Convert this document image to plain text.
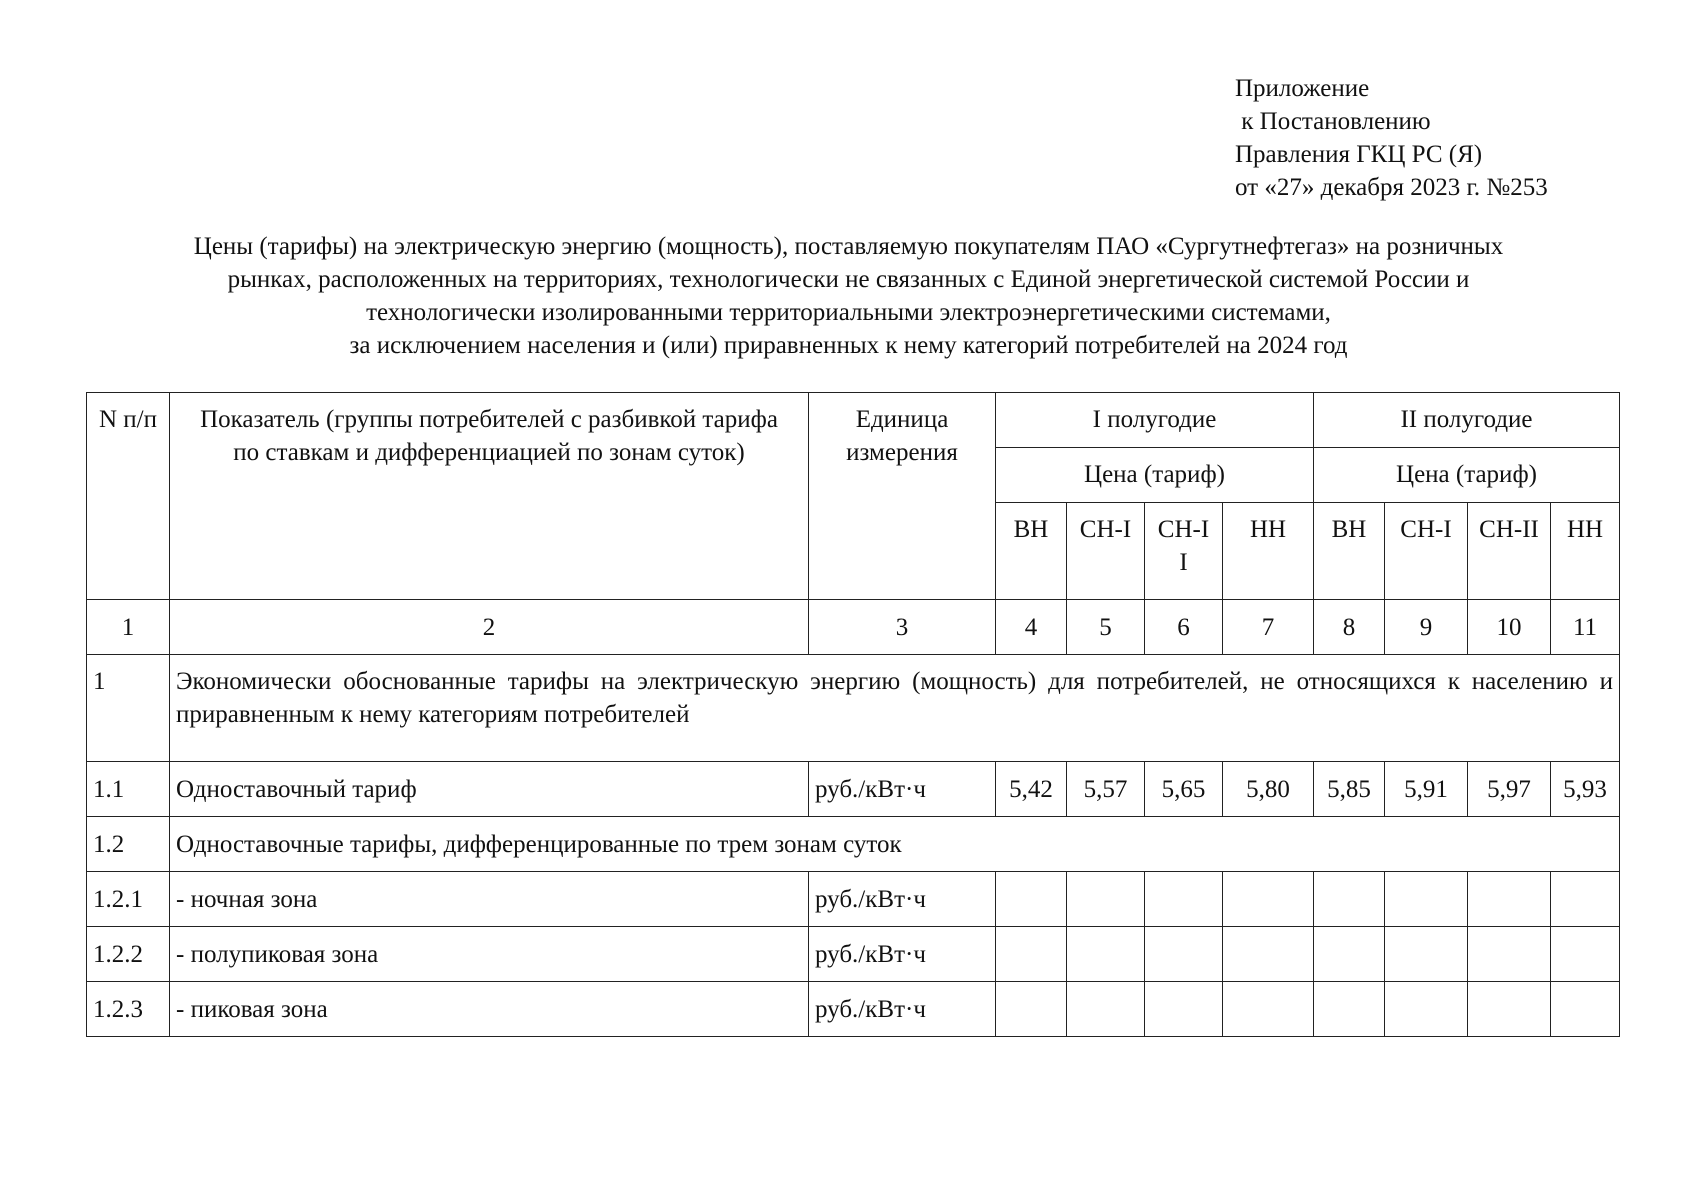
Приложение
к Постановлению
Правления ГКЦ РС (Я)
от «27» декабря 2023 г. №253
Цены (тарифы) на электрическую энергию (мощность), поставляемую покупателям ПАО «Сургутнефтегаз» на розничных
рынках, расположенных на территориях, технологически не связанных с Единой энергетической системой России и
технологически изолированными территориальными электроэнергетическими системами,
за исключением населения и (или) приравненных к нему категорий потребителей на 2024 год
N п/п	Показатель (группы потребителей с разбивкой тарифа по ставкам и дифференциацией по зонам суток)	Единица измерения	I полугодие				II полугодие			
			Цена (тариф)				Цена (тариф)			
			ВН	СН-I	СН-II	НН	ВН	СН-I	СН-II	НН
1	2	3	4	5	6	7	8	9	10	11
1	Экономически обоснованные тарифы на электрическую энергию (мощность) для потребителей, не относящихся к населению и приравненным к нему категориям потребителей									
1.1	Одноставочный тариф	руб./кВт·ч	5,42	5,57	5,65	5,80	5,85	5,91	5,97	5,93
1.2	Одноставочные тарифы, дифференцированные по трем зонам суток									
1.2.1	- ночная зона	руб./кВт·ч								
1.2.2	- полупиковая зона	руб./кВт·ч								
1.2.3	- пиковая зона	руб./кВт·ч								
